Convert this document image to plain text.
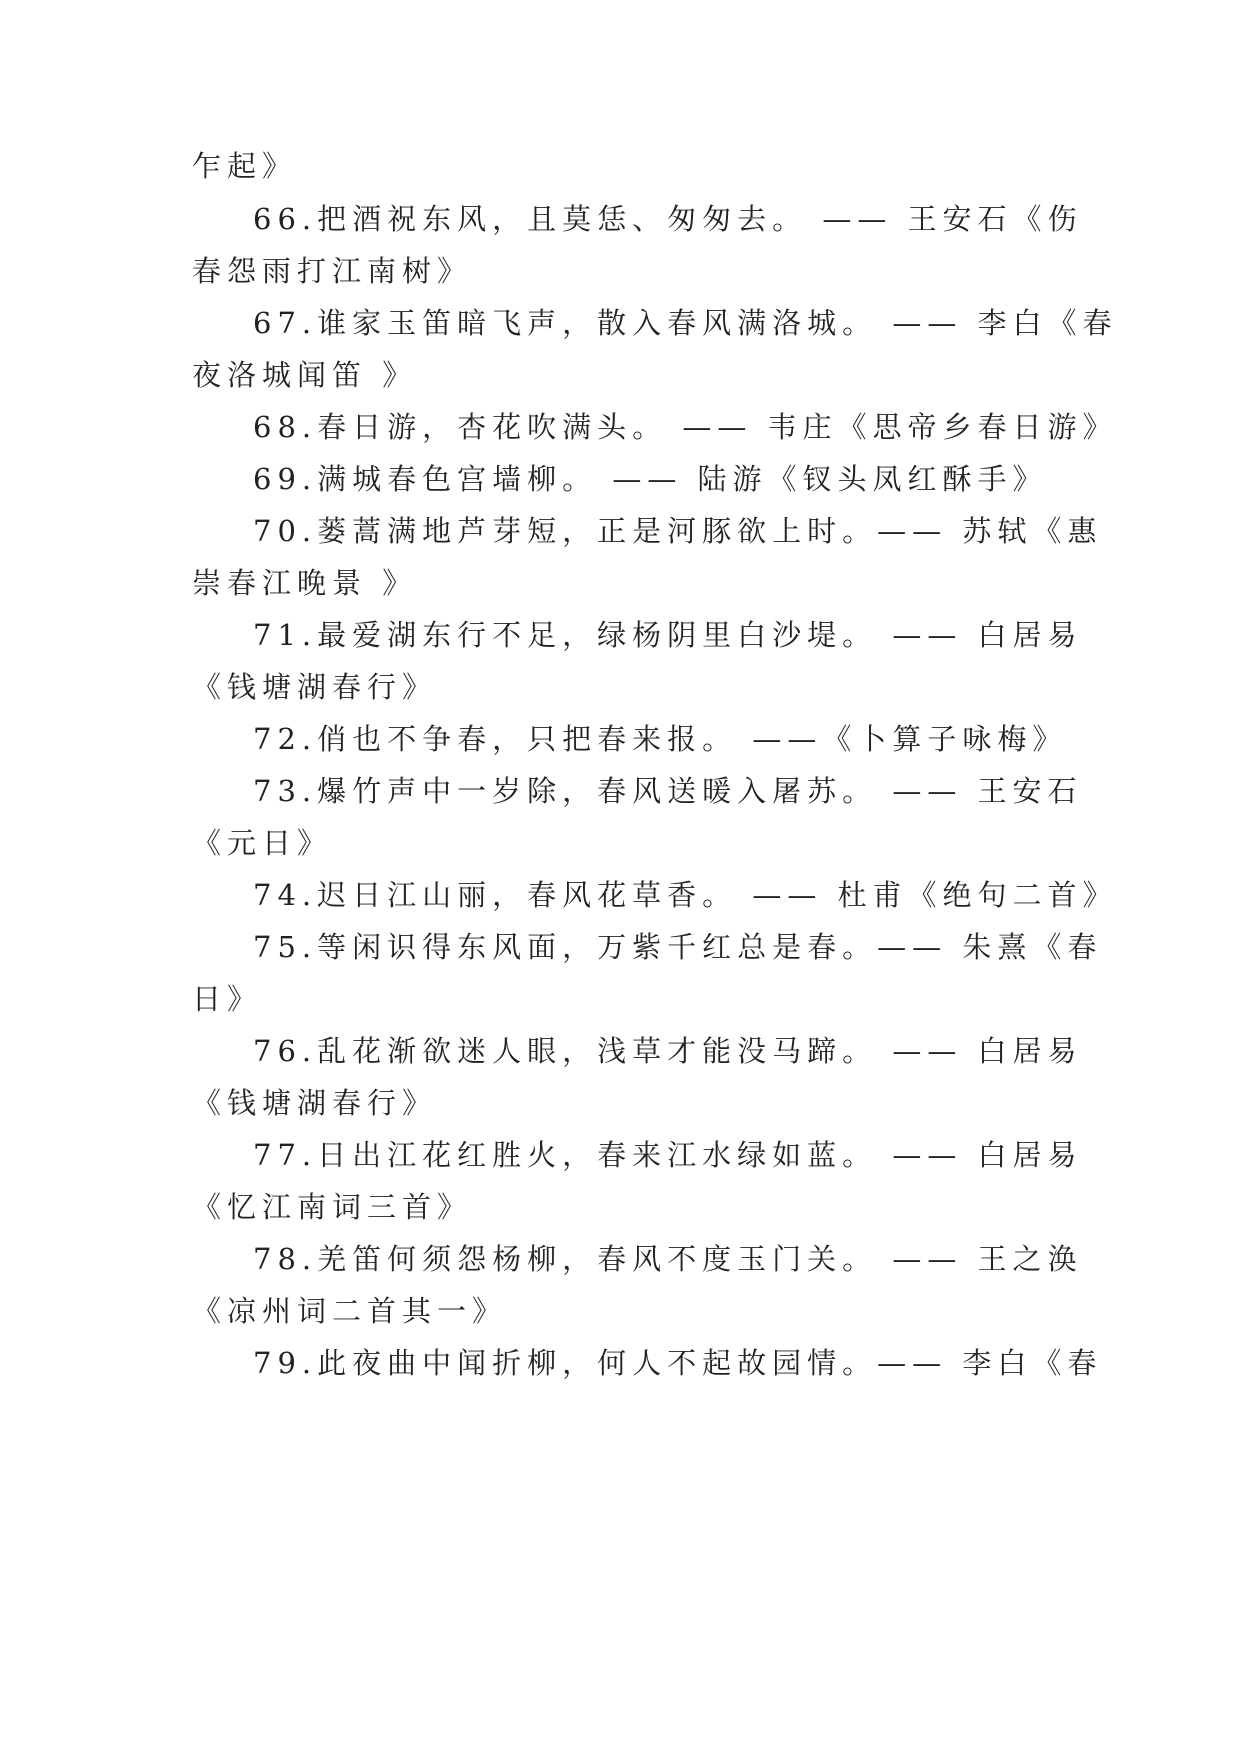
乍起》

66.把酒祝东风，且莫恁、匆匆去。 —— 王安石《伤

春怨雨打江南树》

67.谁家玉笛暗飞声，散入春风满洛城。 —— 李白《春

夜洛城闻笛 》

68.春日游，杏花吹满头。 —— 韦庄《思帝乡春日游》

69.满城春色宫墙柳。 —— 陆游《钗头凤红酥手》

70.蒌蒿满地芦芽短，正是河豚欲上时。—— 苏轼《惠

崇春江晚景 》

71.最爱湖东行不足，绿杨阴里白沙堤。 —— 白居易

《钱塘湖春行》

72.俏也不争春，只把春来报。 ——《卜算子咏梅》

73.爆竹声中一岁除，春风送暖入屠苏。 —— 王安石

《元日》

74.迟日江山丽，春风花草香。 —— 杜甫《绝句二首》

75.等闲识得东风面，万紫千红总是春。—— 朱熹《春

日》

76.乱花渐欲迷人眼，浅草才能没马蹄。 —— 白居易

《钱塘湖春行》

77.日出江花红胜火，春来江水绿如蓝。 —— 白居易

《忆江南词三首》

78.羌笛何须怨杨柳，春风不度玉门关。 —— 王之涣

《凉州词二首其一》

79.此夜曲中闻折柳，何人不起故园情。—— 李白《春
